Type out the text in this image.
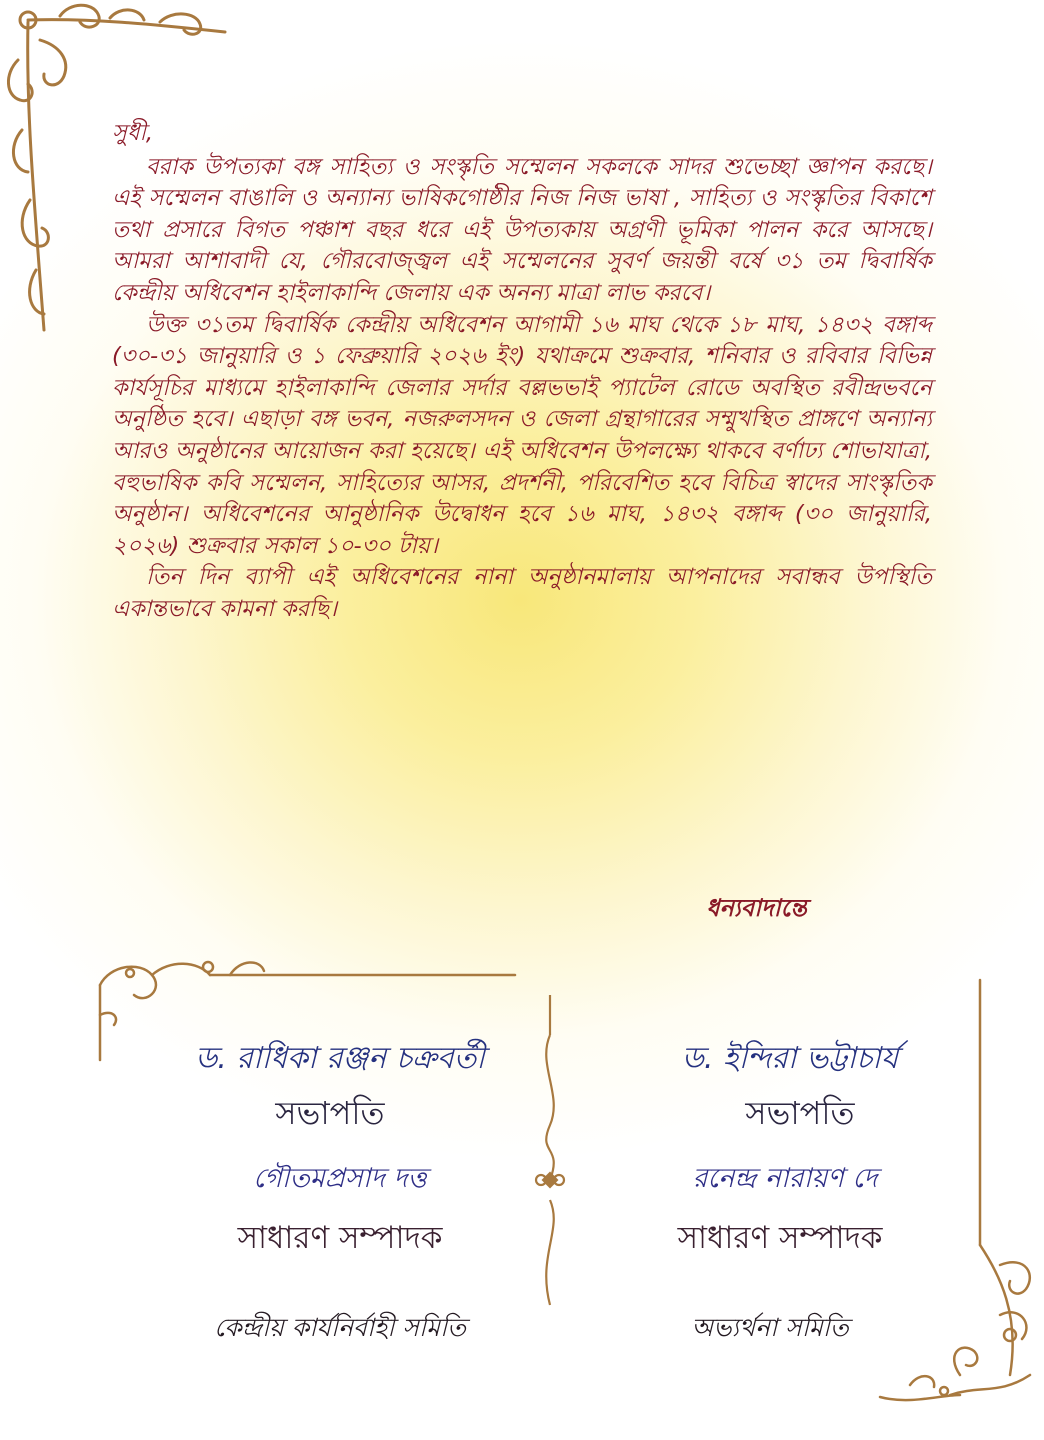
সুধী,

বরাক উপত্যকা বঙ্গ সাহিত্য ও সংস্কৃতি সম্মেলন সকলকে সাদর শুভেচ্ছা জ্ঞাপন করছে। এই সম্মেলন বাঙালি ও অন্যান্য ভাষিকগোষ্ঠীর নিজ নিজ ভাষা , সাহিত্য ও সংস্কৃতির বিকাশে তথা প্রসারে বিগত পঞ্চাশ বছর ধরে এই উপত্যকায় অগ্রণী ভূমিকা পালন করে আসছে। আমরা আশাবাদী যে, গৌরবোজ্জ্বল এই সম্মেলনের সুবর্ণ জয়ন্তী বর্ষে ৩১ তম দ্বিবার্ষিক কেন্দ্রীয় অধিবেশন হাইলাকান্দি জেলায় এক অনন্য মাত্রা লাভ করবে।

উক্ত ৩১তম দ্বিবার্ষিক কেন্দ্রীয় অধিবেশন আগামী ১৬ মাঘ থেকে ১৮ মাঘ, ১৪৩২ বঙ্গাব্দ (৩০-৩১ জানুয়ারি ও ১ ফেব্রুয়ারি ২০২৬ ইং) যথাক্রমে শুক্রবার, শনিবার ও রবিবার বিভিন্ন কার্যসূচির মাধ্যমে হাইলাকান্দি জেলার সর্দার বল্লভভাই প্যাটেল রোডে অবস্থিত রবীন্দ্রভবনে অনুষ্ঠিত হবে। এছাড়া বঙ্গ ভবন, নজরুলসদন ও জেলা গ্রন্থাগারের সম্মুখস্থিত প্রাঙ্গণে অন্যান্য আরও অনুষ্ঠানের আয়োজন করা হয়েছে। এই অধিবেশন উপলক্ষ্যে থাকবে বর্ণাঢ্য শোভাযাত্রা, বহুভাষিক কবি সম্মেলন, সাহিত্যের আসর, প্রদর্শনী, পরিবেশিত হবে বিচিত্র স্বাদের সাংস্কৃতিক অনুষ্ঠান। অধিবেশনের আনুষ্ঠানিক উদ্বোধন হবে ১৬ মাঘ, ১৪৩২ বঙ্গাব্দ (৩০ জানুয়ারি, ২০২৬) শুক্রবার সকাল ১০-৩০ টায়।

তিন দিন ব্যাপী এই অধিবেশনের নানা অনুষ্ঠানমালায় আপনাদের সবান্ধব উপস্থিতি একান্তভাবে কামনা করছি।

ধন্যবাদান্তে
ড. রাধিকা রঞ্জন চক্রবর্তী
সভাপতি
গৌতমপ্রসাদ দত্ত
সাধারণ সম্পাদক
কেন্দ্রীয় কার্যনির্বাহী সমিতি
ড. ইন্দিরা ভট্টাচার্য
সভাপতি
রনেন্দ্র নারায়ণ দে
সাধারণ সম্পাদক
অভ্যর্থনা সমিতি
